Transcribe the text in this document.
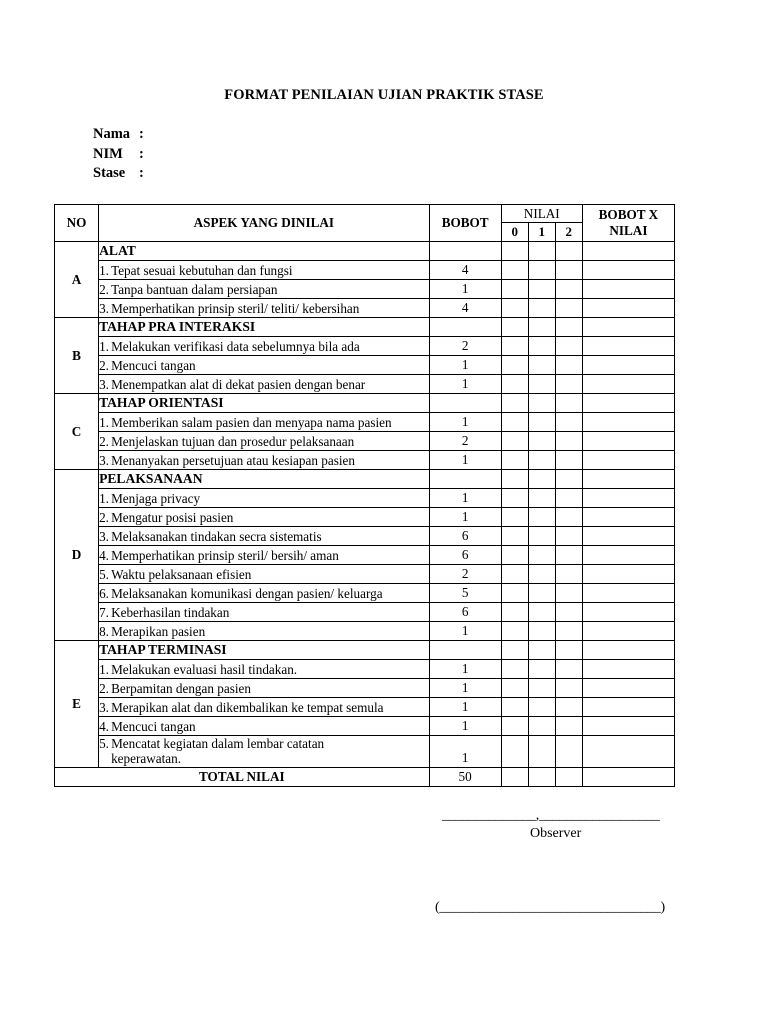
FORMAT PENILAIAN UJIAN PRAKTIK STASE
Nama :
NIM	:
Stase :
NO	ASPEK YANG DINILAI	BOBOT	NILAI			BOBOT X NILAI
			0	1	2	
A	ALAT					
	1. Tepat sesuai kebutuhan dan fungsi	4				
	2. Tanpa bantuan dalam persiapan	1				
	3. Memperhatikan prinsip steril/ teliti/ kebersihan	4				
B	TAHAP PRA INTERAKSI					
	1. Melakukan verifikasi data sebelumnya bila ada	2				
	2. Mencuci tangan	1				
	3. Menempatkan alat di dekat pasien dengan benar	1				
C	TAHAP ORIENTASI					
	1. Memberikan salam pasien dan menyapa nama pasien	1				
	2. Menjelaskan tujuan dan prosedur pelaksanaan	2				
	3. Menanyakan persetujuan atau kesiapan pasien	1				
D	PELAKSANAAN					
	1. Menjaga privacy	1				
	2. Mengatur posisi pasien	1				
	3. Melaksanakan tindakan secra sistematis	6				
	4. Memperhatikan prinsip steril/ bersih/ aman	6				
	5. Waktu pelaksanaan efisien	2				
	6. Melaksanakan komunikasi dengan pasien/ keluarga	5				
	7. Keberhasilan tindakan	6				
	8. Merapikan pasien	1				
E	TAHAP TERMINASI					
	1. Melakukan evaluasi hasil tindakan.	1				
	2. Berpamitan dengan pasien	1				
	3. Merapikan alat dan dikembalikan ke tempat semula	1				
	4. Mencuci tangan	1				
	5. Mencatat kegiatan dalam lembar catatan
keperawatan.	1				
TOTAL NILAI		50				
______________,__________________
Observer
(_________________________________)
